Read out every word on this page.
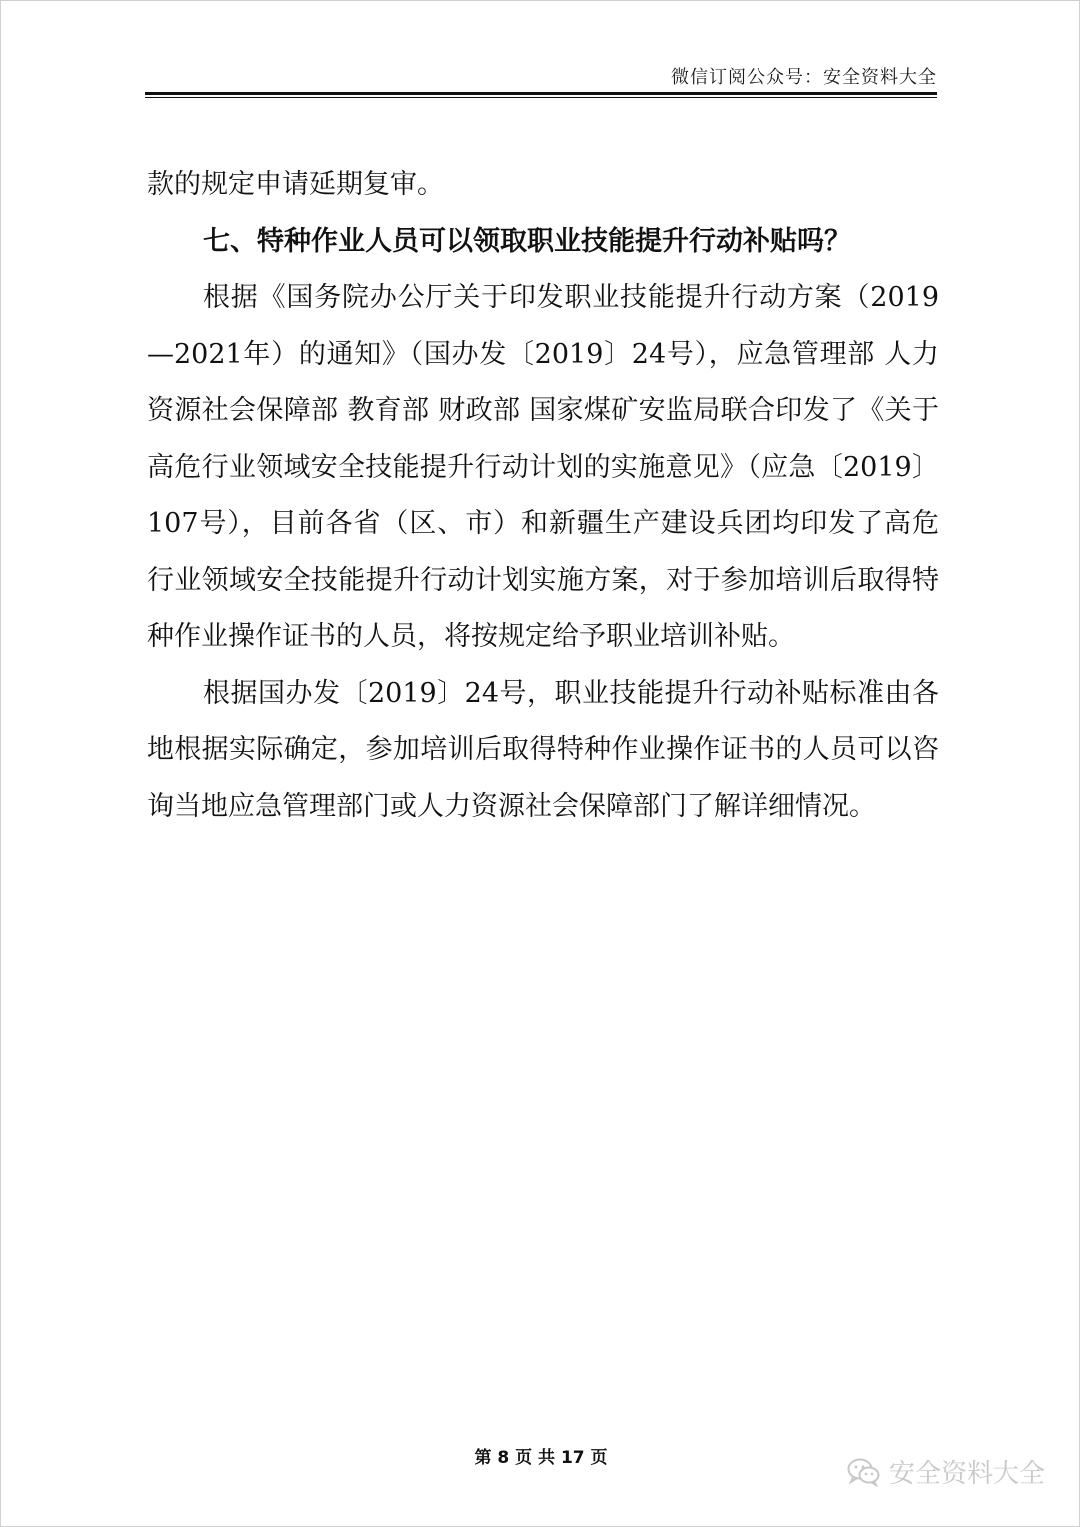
微信订阅公众号：安全资料大全

款的规定申请延期复审。

七、特种作业人员可以领取职业技能提升行动补贴吗？

根据《国务院办公厅关于印发职业技能提升行动方案（2019—2021年）的通知》（国办发〔2019〕24号），应急管理部 人力资源社会保障部 教育部 财政部 国家煤矿安监局联合印发了《关于高危行业领域安全技能提升行动计划的实施意见》（应急〔2019〕107号），目前各省（区、市）和新疆生产建设兵团均印发了高危行业领域安全技能提升行动计划实施方案，对于参加培训后取得特种作业操作证书的人员，将按规定给予职业培训补贴。

根据国办发〔2019〕24号，职业技能提升行动补贴标准由各地根据实际确定，参加培训后取得特种作业操作证书的人员可以咨询当地应急管理部门或人力资源社会保障部门了解详细情况。

第 8 页 共 17 页
安全资料大全
